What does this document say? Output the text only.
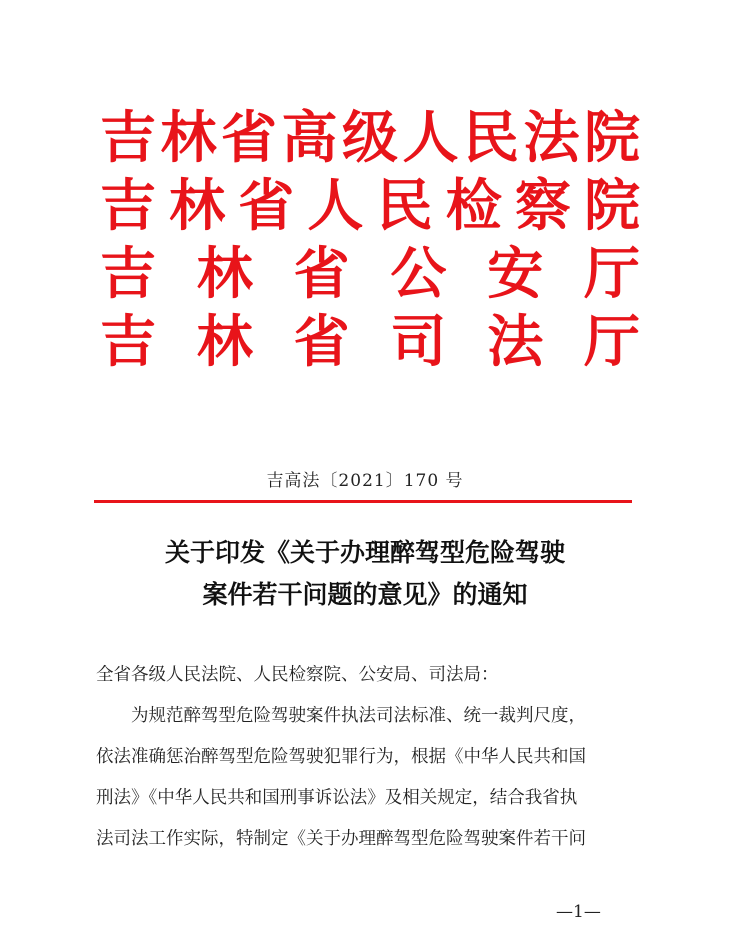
吉 林 省 高 级 人 民 法 院
吉 林 省 人 民 检 察 院
吉 林 省 公 安 厅
吉 林 省 司 法 厅
吉高法〔2021〕170 号
关于印发《关于办理醉驾型危险驾驶
案件若干问题的意见》的通知

全省各级人民法院、人民检察院、公安局、司法局：

为规范醉驾型危险驾驶案件执法司法标准、统一裁判尺度，

依法准确惩治醉驾型危险驾驶犯罪行为，根据《中华人民共和国

刑法》《中华人民共和国刑事诉讼法》及相关规定，结合我省执

法司法工作实际，特制定《关于办理醉驾型危险驾驶案件若干问

—1—
